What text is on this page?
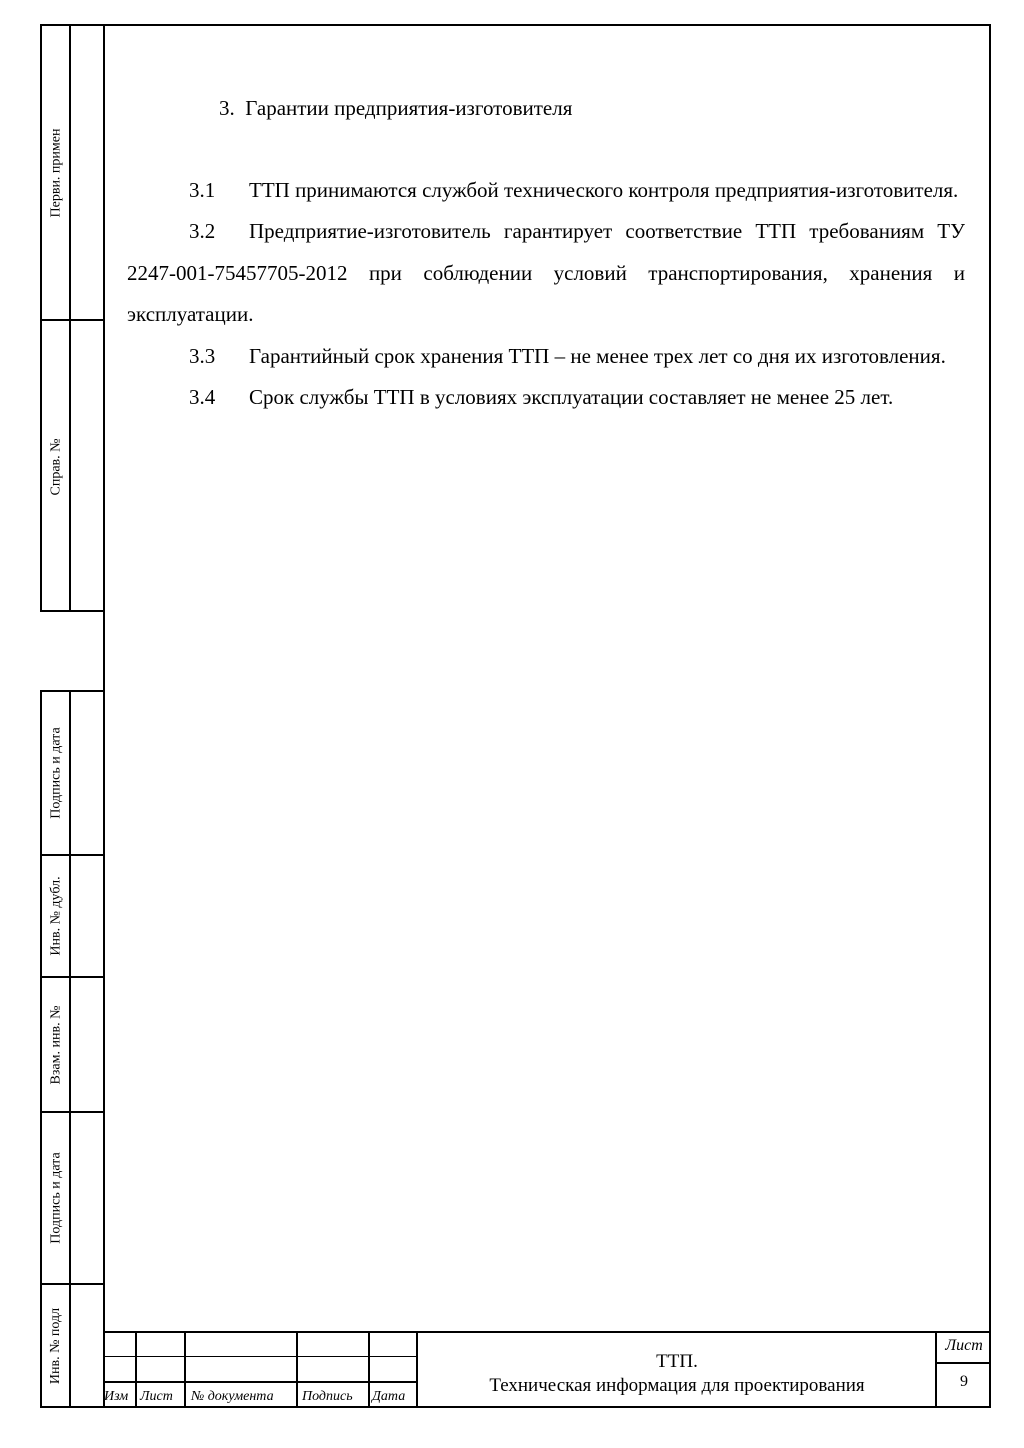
Перви. примен
Справ. №
Подпись и дата
Инв. № дубл.
Взам. инв. №
Подпись и дата
Инв. № подл
3. Гарантии предприятия-изготовителя

3.1 ТТП принимаются службой технического контроля предприятия-изготовителя.

3.2 Предприятие-изготовитель гарантирует соответствие ТТП требованиям ТУ 2247-001-75457705-2012 при соблюдении условий транспортирования, хранения и эксплуатации.

3.3 Гарантийный срок хранения ТТП – не менее трех лет со дня их изготовления.

3.4 Срок службы ТТП в условиях эксплуатации составляет не менее 25 лет.

Изм Лист № документа Подпись Дата
ТТП.
Техническая информация для проектирования
Лист
9
